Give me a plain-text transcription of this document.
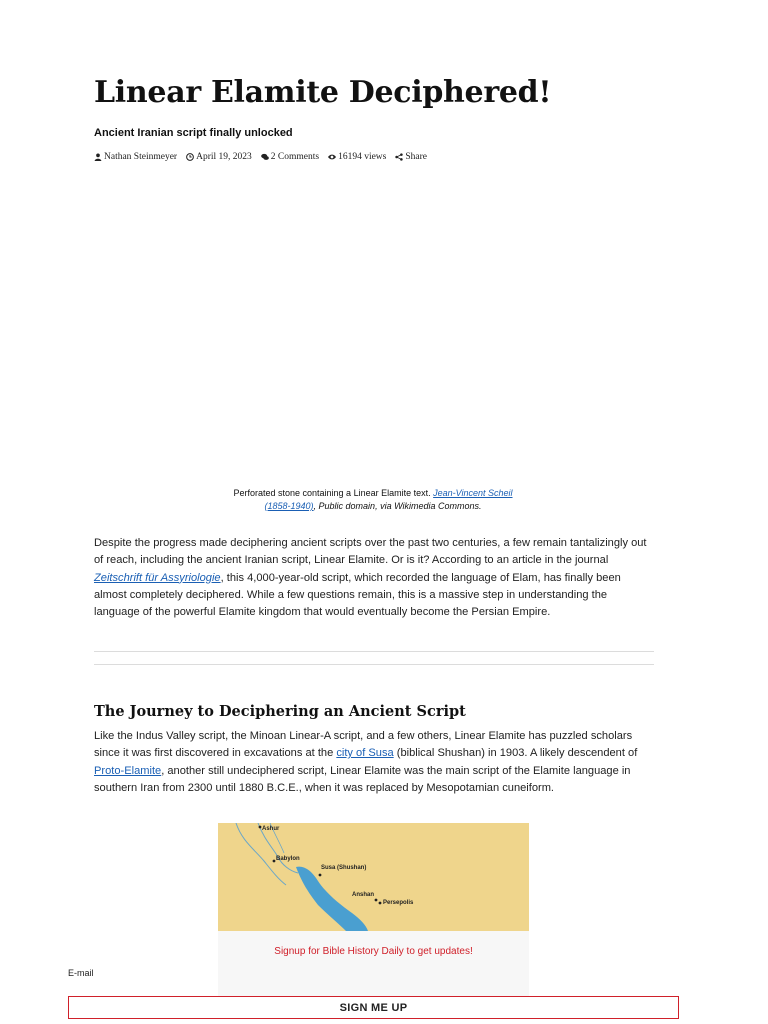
Linear Elamite Deciphered!
Ancient Iranian script finally unlocked
Nathan Steinmeyer April 19, 2023 2 Comments 16194 views Share
Perforated stone containing a Linear Elamite text. Jean-Vincent Scheil (1858-1940), Public domain, via Wikimedia Commons.

Despite the progress made deciphering ancient scripts over the past two centuries, a few remain tantalizingly out of reach, including the ancient Iranian script, Linear Elamite. Or is it? According to an article in the journal Zeitschrift für Assyriologie, this 4,000-year-old script, which recorded the language of Elam, has finally been almost completely deciphered. While a few questions remain, this is a massive step in understanding the language of the powerful Elamite kingdom that would eventually become the Persian Empire.

The Journey to Deciphering an Ancient Script

Like the Indus Valley script, the Minoan Linear-A script, and a few others, Linear Elamite has puzzled scholars since it was first discovered in excavations at the city of Susa (biblical Shushan) in 1903. A likely descendent of Proto-Elamite, another still undeciphered script, Linear Elamite was the main script of the Elamite language in southern Iran from 2300 until 1880 B.C.E., when it was replaced by Mesopotamian cuneiform.

Ashur
Babylon
Susa (Shushan)
Anshan
Persepolis
Signup for Bible History Daily to get updates!
E-mail
SIGN ME UP
